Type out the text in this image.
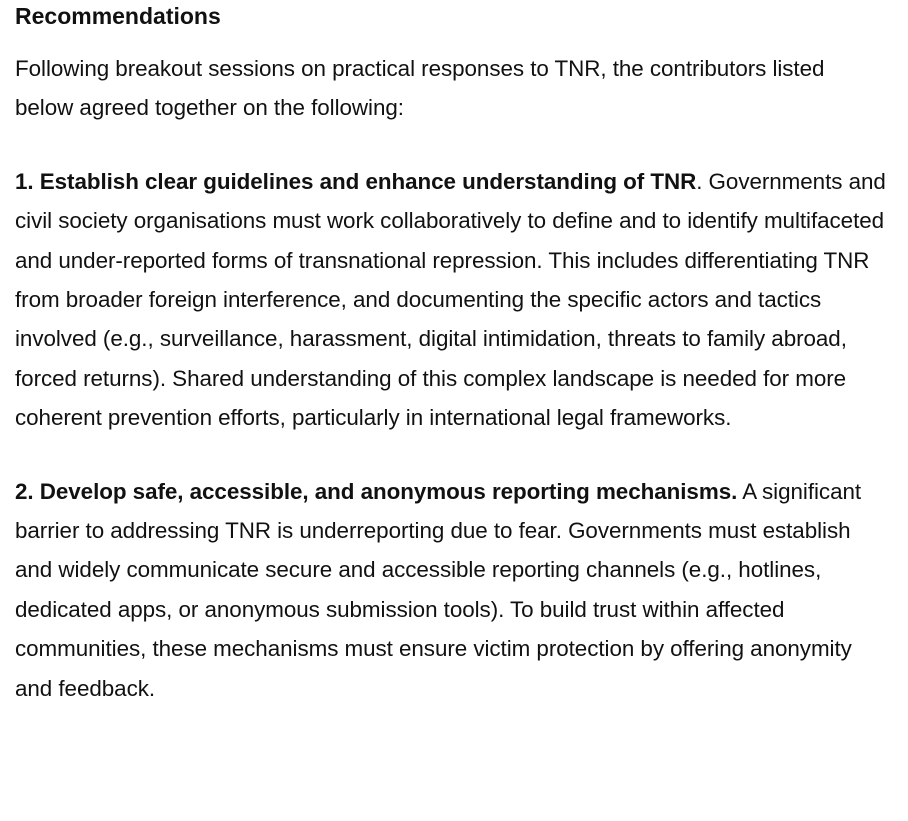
Recommendations

Following breakout sessions on practical responses to TNR, the contributors listed below agreed together on the following:

1. Establish clear guidelines and enhance understanding of TNR. Governments and civil society organisations must work collaboratively to define and to identify multifaceted and under-reported forms of transnational repression. This includes differentiating TNR from broader foreign interference, and documenting the specific actors and tactics involved (e.g., surveillance, harassment, digital intimidation, threats to family abroad, forced returns). Shared understanding of this complex landscape is needed for more coherent prevention efforts, particularly in international legal frameworks.

2. Develop safe, accessible, and anonymous reporting mechanisms. A significant barrier to addressing TNR is underreporting due to fear. Governments must establish and widely communicate secure and accessible reporting channels (e.g., hotlines, dedicated apps, or anonymous submission tools). To build trust within affected communities, these mechanisms must ensure victim protection by offering anonymity and feedback.
